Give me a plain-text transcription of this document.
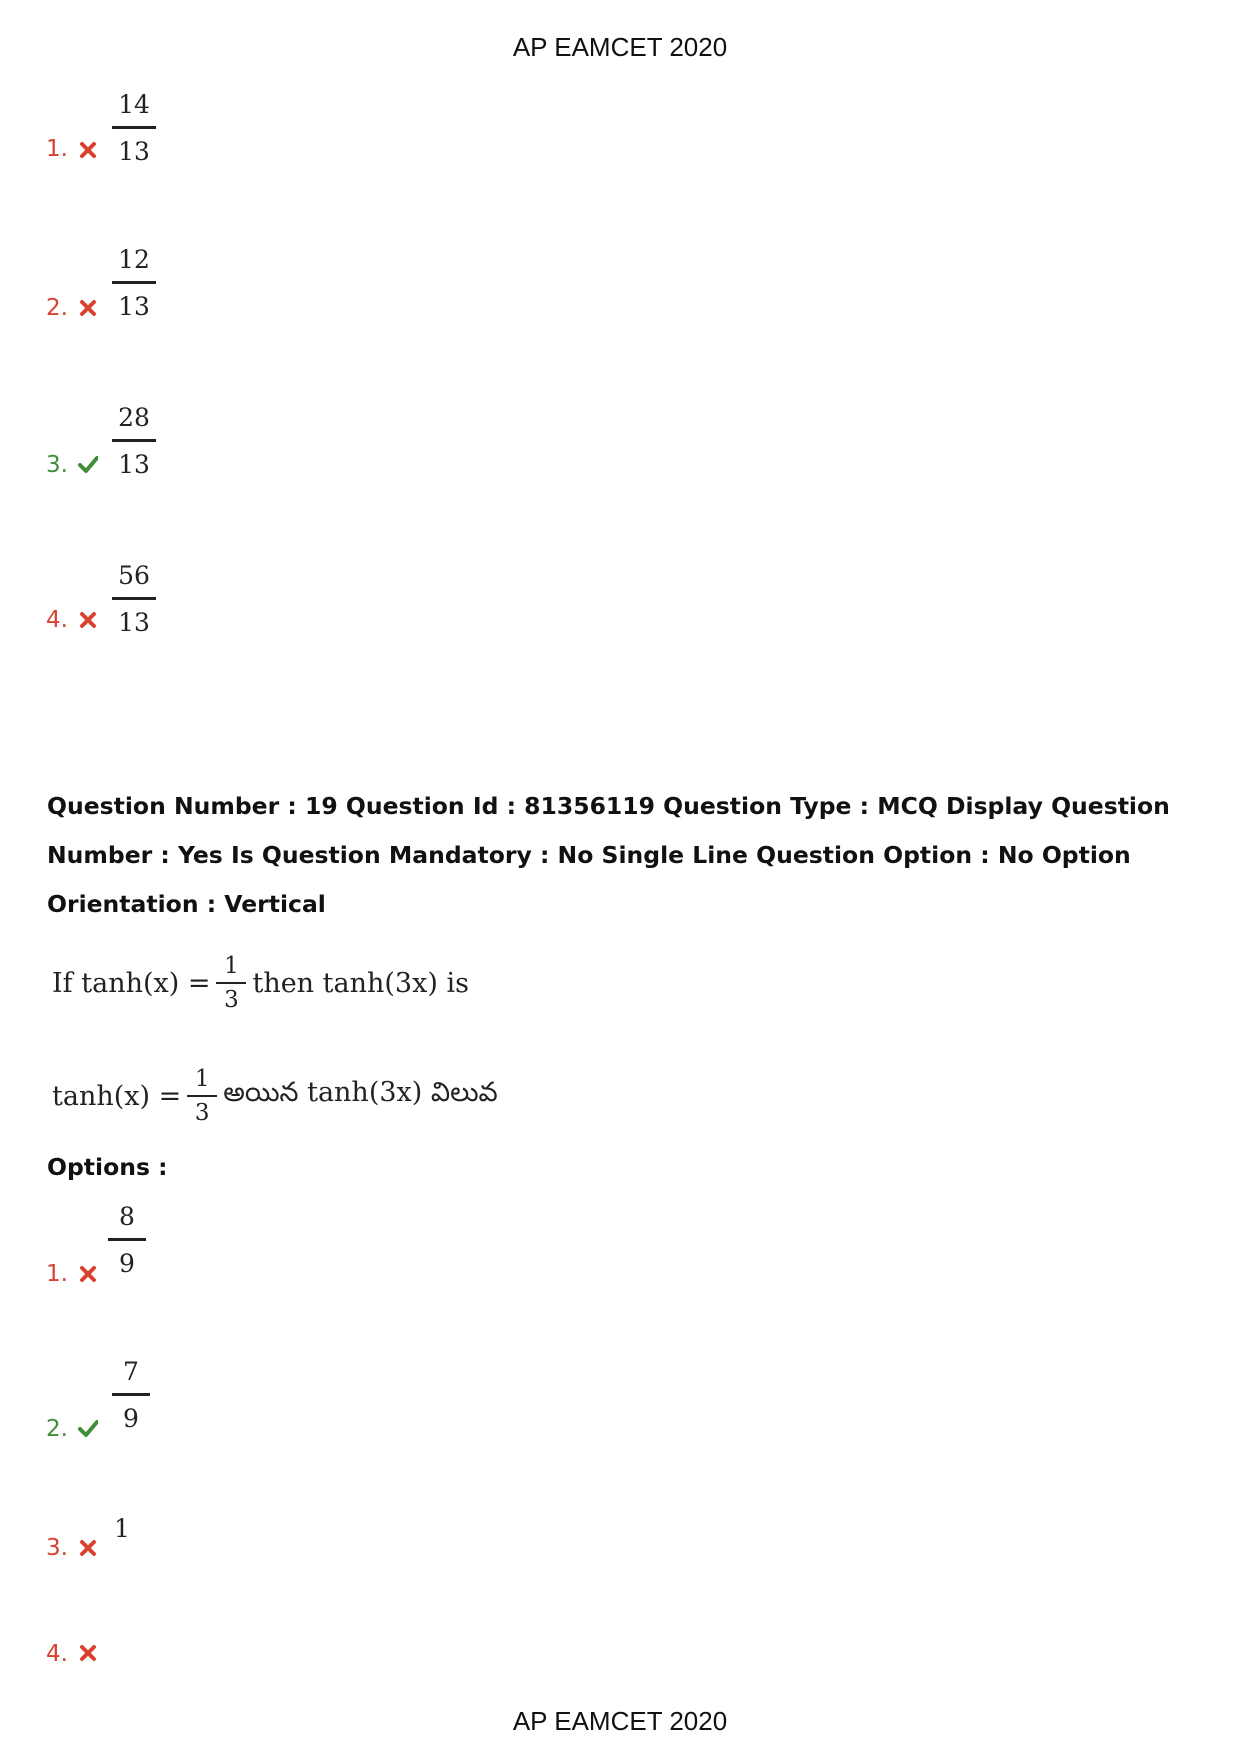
AP EAMCET 2020
1.
14
13
2.
12
13
3.
28
13
4.
56
13
Question Number : 19 Question Id : 81356119 Question Type : MCQ Display Question Number : Yes Is Question Mandatory : No Single Line Question Option : No Option Orientation : Vertical
If tanh(x) =
1
3
then tanh(3x) is
tanh(x) =
1
3
అయిన tanh(3x) విలువ
Options :
1.
8
9
2.
7
9
3.
1
4.
AP EAMCET 2020
